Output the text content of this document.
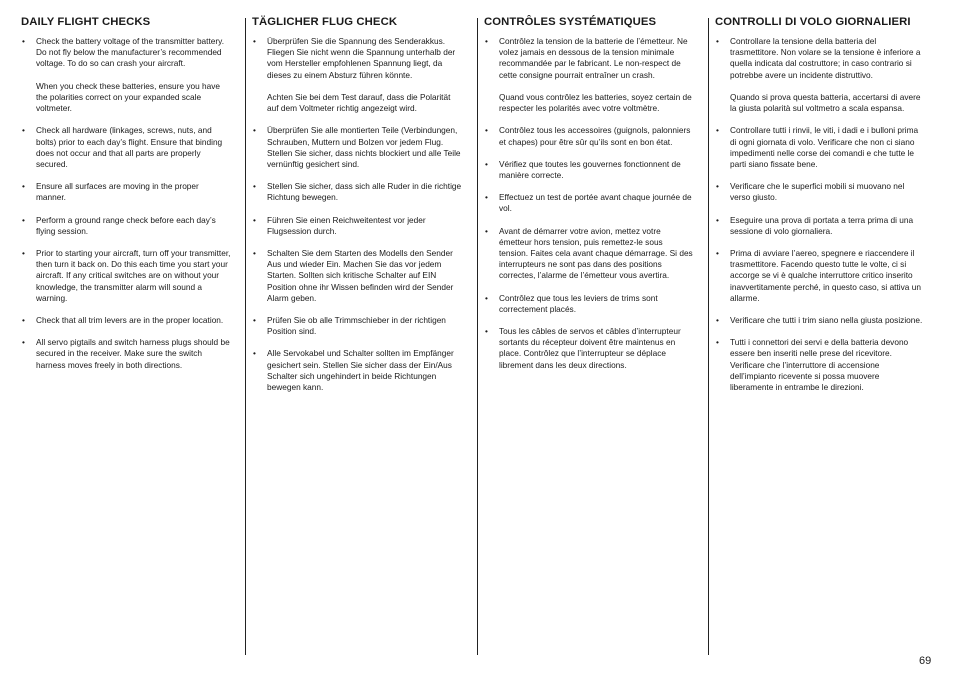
DAILY FLIGHT CHECKS
• Check the battery voltage of the transmitter battery. Do not fly below the manufacturer’s recommended voltage. To do so can crash your aircraft.
When you check these batteries, ensure you have the polarities correct on your expanded scale voltmeter.
• Check all hardware (linkages, screws, nuts, and bolts) prior to each day’s flight. Ensure that binding does not occur and that all parts are properly secured.
• Ensure all surfaces are moving in the proper manner.
• Perform a ground range check before each day’s flying session.
• Prior to starting your aircraft, turn off your transmitter, then turn it back on. Do this each time you start your aircraft. If any critical switches are on without your knowledge, the transmitter alarm will sound a warning.
• Check that all trim levers are in the proper location.
• All servo pigtails and switch harness plugs should be secured in the receiver. Make sure the switch harness moves freely in both directions.
TÄGLICHER FLUG CHECK
• Überprüfen Sie die Spannung des Senderakkus. Fliegen Sie nicht wenn die Spannung unterhalb der vom Hersteller empfohlenen Spannung liegt, da dieses zu einem Absturz führen könnte.
Achten Sie bei dem Test darauf, dass die Polarität auf dem Voltmeter richtig angezeigt wird.
• Überprüfen Sie alle montierten Teile (Verbindungen, Schrauben, Muttern und Bolzen vor jedem Flug. Stellen Sie sicher, dass nichts blockiert und alle Teile vernünftig gesichert sind.
• Stellen Sie sicher, dass sich alle Ruder in die richtige Richtung bewegen.
• Führen Sie einen Reichweitentest vor jeder Flugsession durch.
• Schalten Sie dem Starten des Modells den Sender Aus und wieder Ein. Machen Sie das vor jedem Starten. Sollten sich kritische Schalter auf EIN Position ohne ihr Wissen befinden wird der Sender Alarm geben.
• Prüfen Sie ob alle Trimmschieber in der richtigen Position sind.
• Alle Servokabel und Schalter sollten im Empfänger gesichert sein. Stellen Sie sicher dass der Ein/Aus Schalter sich ungehindert in beide Richtungen bewegen kann.
CONTRÔLES SYSTÉMATIQUES
• Contrôlez la tension de la batterie de l’émetteur. Ne volez jamais en dessous de la tension minimale recommandée par le fabricant. Le non-respect de cette consigne pourrait entraîner un crash.
Quand vous contrôlez les batteries, soyez certain de respecter les polarités avec votre voltmètre.
• Contrôlez tous les accessoires (guignols, palonniers et chapes) pour être sûr qu’ils sont en bon état.
• Vérifiez que toutes les gouvernes fonctionnent de manière correcte.
• Effectuez un test de portée avant chaque journée de vol.
• Avant de démarrer votre avion, mettez votre émetteur hors tension, puis remettez-le sous tension. Faites cela avant chaque démarrage. Si des interrupteurs ne sont pas dans des positions correctes, l’alarme de l’émetteur vous avertira.
• Contrôlez que tous les leviers de trims sont correctement placés.
• Tous les câbles de servos et câbles d’interrupteur sortants du récepteur doivent être maintenus en place. Contrôlez que l’interrupteur se déplace librement dans les deux directions.
CONTROLLI DI VOLO GIORNALIERI
• Controllare la tensione della batteria del trasmettitore. Non volare se la tensione è inferiore a quella indicata dal costruttore; in caso contrario si potrebbe avere un incidente distruttivo.
Quando si prova questa batteria, accertarsi di avere la giusta polarità sul voltmetro a scala espansa.
• Controllare tutti i rinvii, le viti, i dadi e i bulloni prima di ogni giornata di volo. Verificare che non ci siano impedimenti nelle corse dei comandi e che tutte le parti siano fissate bene.
• Verificare che le superfici mobili si muovano nel verso giusto.
• Eseguire una prova di portata a terra prima di una sessione di volo giornaliera.
• Prima di avviare l’aereo, spegnere e riaccendere il trasmettitore. Facendo questo tutte le volte, ci si accorge se vi è qualche interruttore critico inserito inavvertitamente perché, in questo caso, si attiva un allarme.
• Verificare che tutti i trim siano nella giusta posizione.
• Tutti i connettori dei servi e della batteria devono essere ben inseriti nelle prese del ricevitore. Verificare che l’interruttore di accensione dell’impianto ricevente si possa muovere liberamente in entrambe le direzioni.
69
